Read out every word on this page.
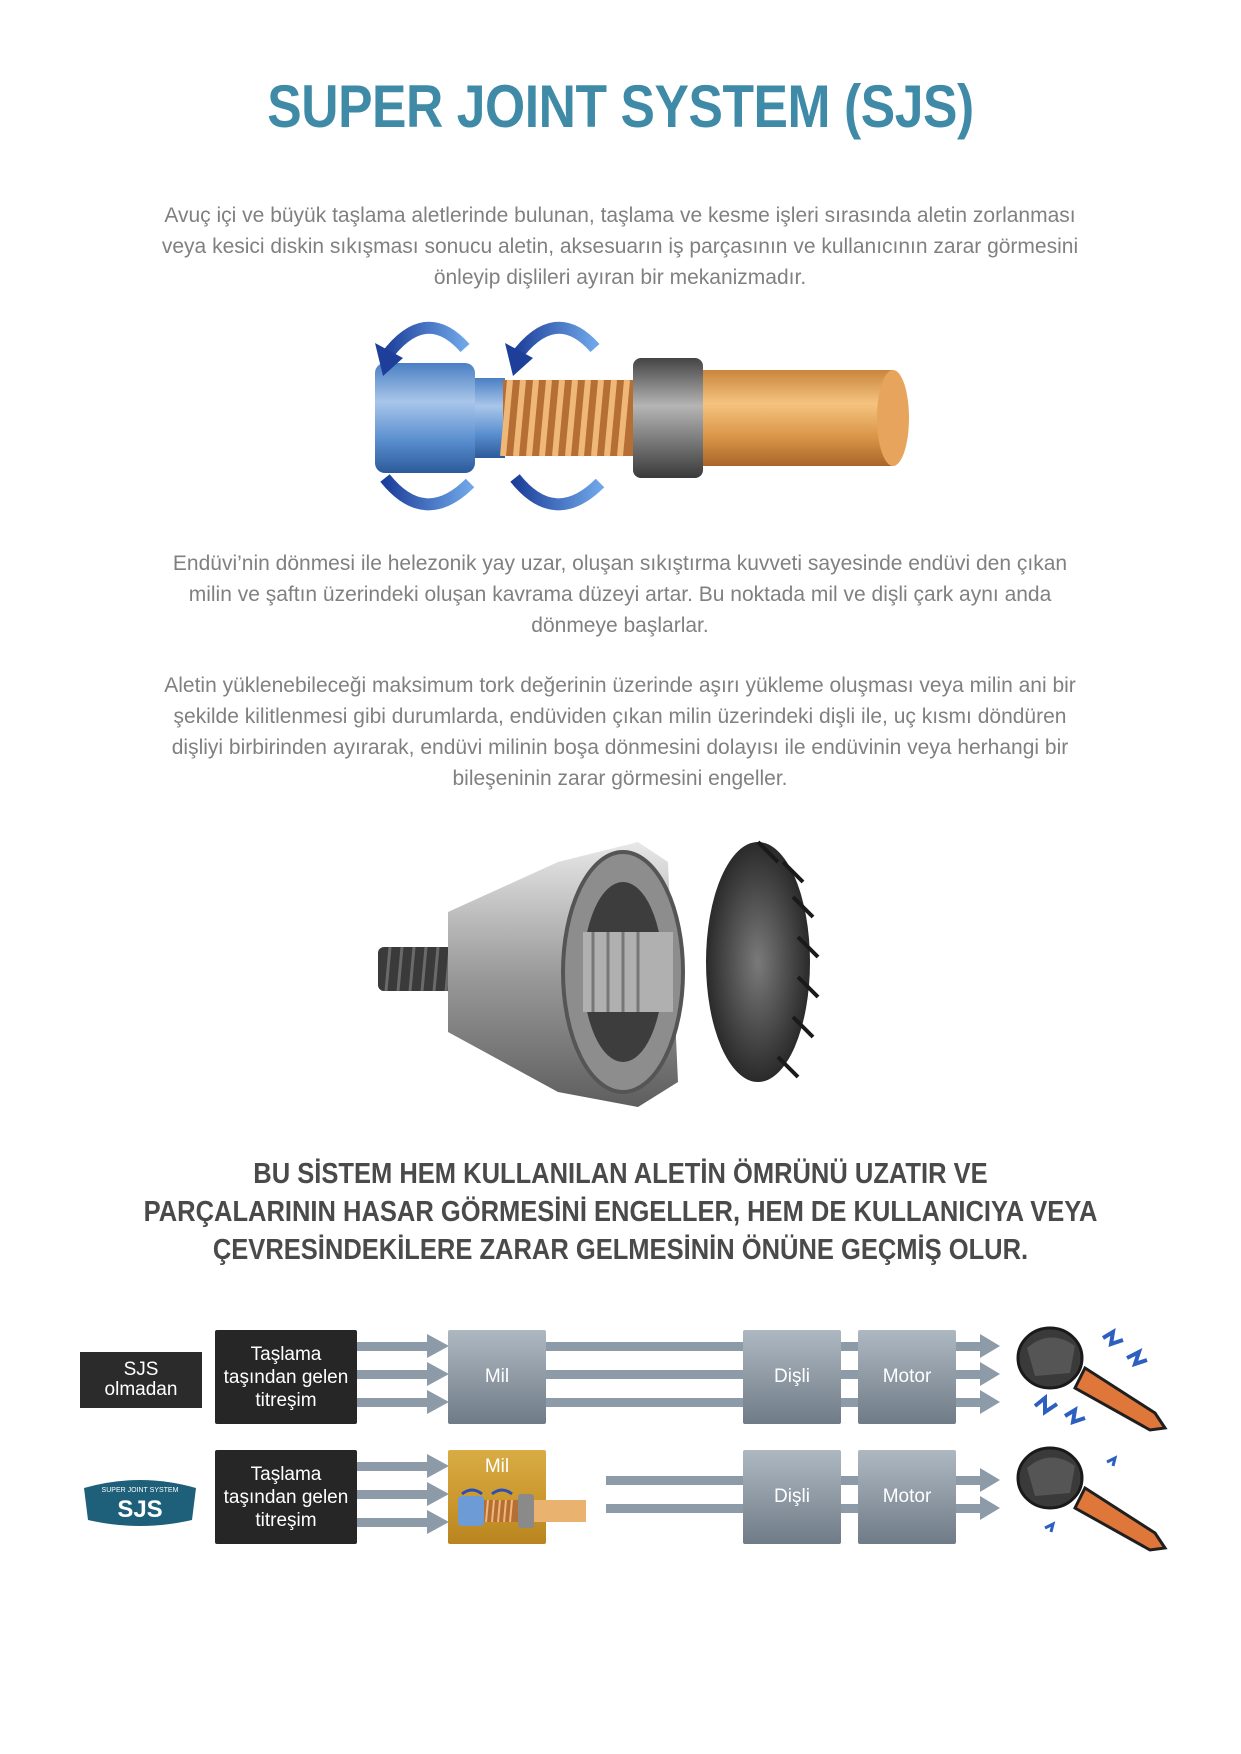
SUPER JOINT SYSTEM (SJS)
Avuç içi ve büyük taşlama aletlerinde bulunan, taşlama ve kesme işleri sırasında aletin zorlanması
veya kesici diskin sıkışması sonucu aletin, aksesuarın iş parçasının ve kullanıcının zarar görmesini
önleyip dişlileri ayıran bir mekanizmadır.
Endüvi’nin dönmesi ile helezonik yay uzar, oluşan sıkıştırma kuvveti sayesinde endüvi den çıkan
milin ve şaftın üzerindeki oluşan kavrama düzeyi artar. Bu noktada mil ve dişli çark aynı anda
dönmeye başlarlar.
Aletin yüklenebileceği maksimum tork değerinin üzerinde aşırı yükleme oluşması veya milin ani bir
şekilde kilitlenmesi gibi durumlarda, endüviden çıkan milin üzerindeki dişli ile, uç kısmı döndüren
dişliyi birbirinden ayırarak, endüvi milinin boşa dönmesini dolayısı ile endüvinin veya herhangi bir
bileşeninin zarar görmesini engeller.
BU SİSTEM HEM KULLANILAN ALETİN ÖMRÜNÜ UZATIR VE
PARÇALARININ HASAR GÖRMESİNİ ENGELLER, HEM DE KULLANICIYA VEYA
ÇEVRESİNDEKİLERE ZARAR GELMESİNİN ÖNÜNE GEÇMİŞ OLUR.
SJS
olmadan
Taşlama
taşından gelen
titreşim
Mil	Dişli	Motor
SUPER JOINT SYSTEM
SJS
Taşlama
taşından gelen
titreşim
Mil
Dişli	Motor
